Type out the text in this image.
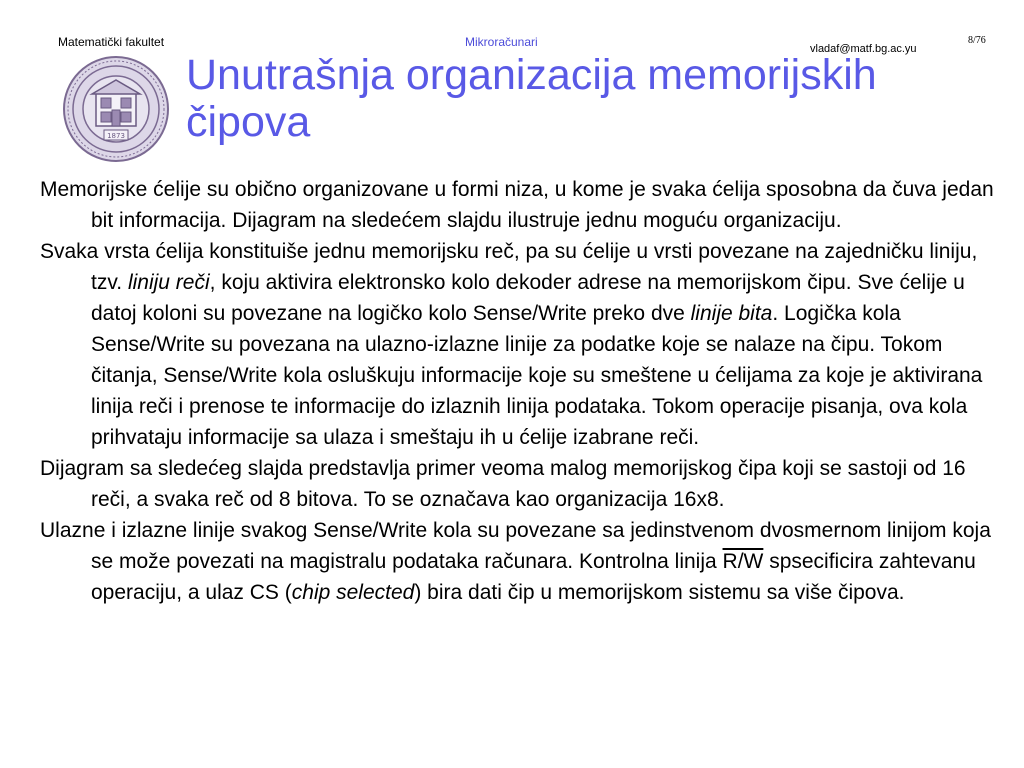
Matematički fakultet	Mikroračunari	vladaf@matf.bg.ac.yu
8/76
1873
Unutrašnja organizacija memorijskih čipova

Memorijske ćelije su obično organizovane u formi niza, u kome je svaka ćelija sposobna da čuva jedan bit informacija. Dijagram na sledećem slajdu ilustruje jednu moguću organizaciju.

Svaka vrsta ćelija konstituiše jednu memorijsku reč, pa su ćelije u vrsti povezane na zajedničku liniju, tzv. liniju reči, koju aktivira elektronsko kolo dekoder adrese na memorijskom čipu. Sve ćelije u datoj koloni su povezane na logičko kolo Sense/Write preko dve linije bita. Logička kola Sense/Write su povezana na ulazno-izlazne linije za podatke koje se nalaze na čipu. Tokom čitanja, Sense/Write kola osluškuju informacije koje su smeštene u ćelijama za koje je aktivirana linija reči i prenose te informacije do izlaznih linija podataka. Tokom operacije pisanja, ova kola prihvataju informacije sa ulaza i smeštaju ih u ćelije izabrane reči.

Dijagram sa sledećeg slajda predstavlja primer veoma malog memorijskog čipa koji se sastoji od 16 reči, a svaka reč od 8 bitova. To se označava kao organizacija 16x8.

Ulazne i izlazne linije svakog Sense/Write kola su povezane sa jedinstvenom dvosmernom linijom koja se može povezati na magistralu podataka računara. Kontrolna linija R/W spsecificira zahtevanu operaciju, a ulaz CS (chip selected) bira dati čip u memorijskom sistemu sa više čipova.
